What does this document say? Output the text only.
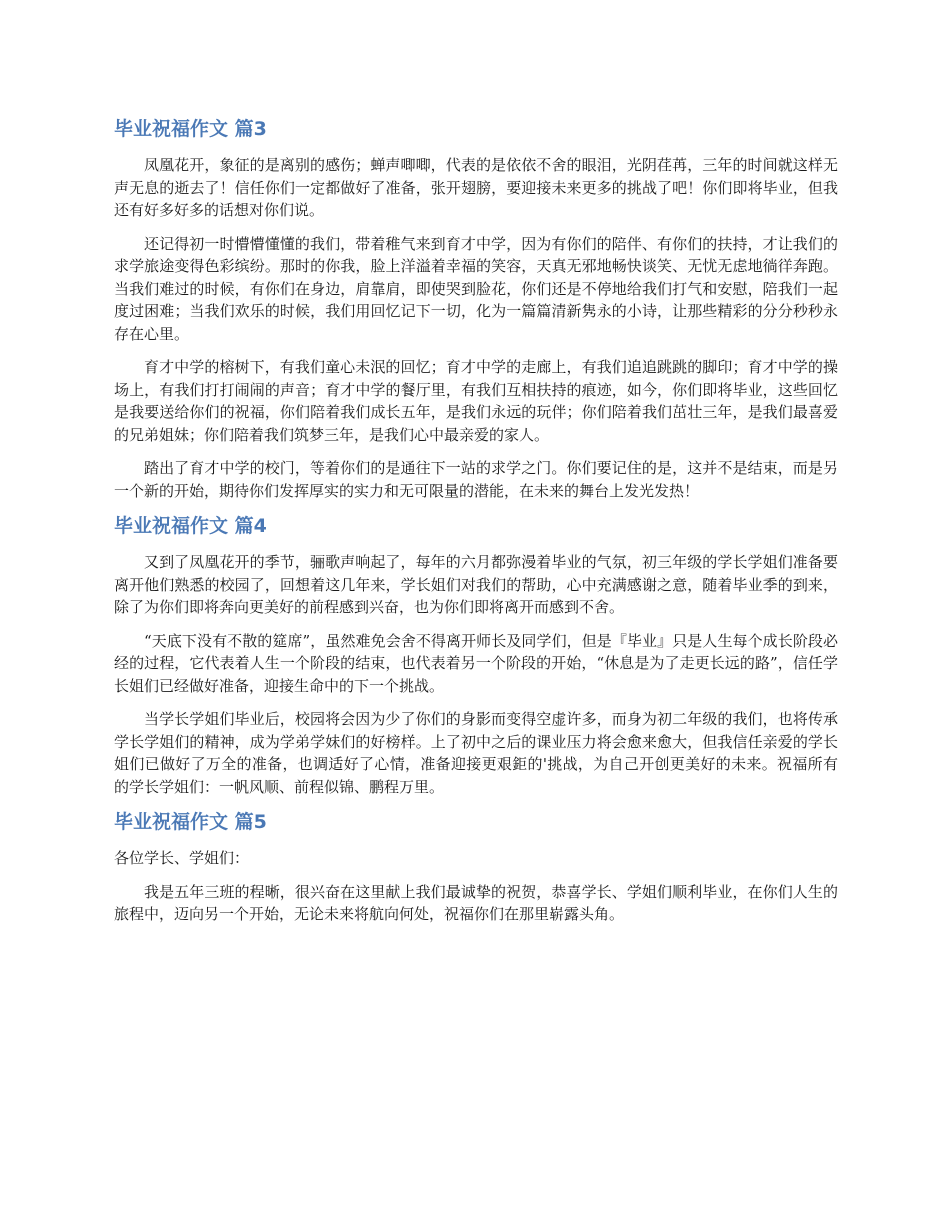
毕业祝福作文 篇3

凤凰花开，象征的是离别的感伤；蝉声唧唧，代表的是依依不舍的眼泪，光阴荏苒，三年的时间就这样无声无息的逝去了！信任你们一定都做好了准备，张开翅膀，要迎接未来更多的挑战了吧！你们即将毕业，但我还有好多好多的话想对你们说。

还记得初一时懵懵懂懂的我们，带着稚气来到育才中学，因为有你们的陪伴、有你们的扶持，才让我们的求学旅途变得色彩缤纷。那时的你我，脸上洋溢着幸福的笑容，天真无邪地畅快谈笑、无忧无虑地徜徉奔跑。当我们难过的时候，有你们在身边，肩靠肩，即使哭到脸花，你们还是不停地给我们打气和安慰，陪我们一起度过困难；当我们欢乐的时候，我们用回忆记下一切，化为一篇篇清新隽永的小诗，让那些精彩的分分秒秒永存在心里。

育才中学的榕树下，有我们童心未泯的回忆；育才中学的走廊上，有我们追追跳跳的脚印；育才中学的操场上，有我们打打闹闹的声音；育才中学的餐厅里，有我们互相扶持的痕迹，如今，你们即将毕业，这些回忆是我要送给你们的祝福，你们陪着我们成长五年，是我们永远的玩伴；你们陪着我们茁壮三年，是我们最喜爱的兄弟姐妹；你们陪着我们筑梦三年，是我们心中最亲爱的家人。

踏出了育才中学的校门，等着你们的是通往下一站的求学之门。你们要记住的是，这并不是结束，而是另一个新的开始，期待你们发挥厚实的实力和无可限量的潜能，在未来的舞台上发光发热！

毕业祝福作文 篇4

又到了凤凰花开的季节，骊歌声响起了，每年的六月都弥漫着毕业的气氛，初三年级的学长学姐们准备要离开他们熟悉的校园了，回想着这几年来，学长姐们对我们的帮助，心中充满感谢之意，随着毕业季的到来，除了为你们即将奔向更美好的前程感到兴奋，也为你们即将离开而感到不舍。

“天底下没有不散的筵席”，虽然难免会舍不得离开师长及同学们，但是『毕业』只是人生每个成长阶段必经的过程，它代表着人生一个阶段的结束，也代表着另一个阶段的开始，“休息是为了走更长远的路”，信任学长姐们已经做好准备，迎接生命中的下一个挑战。

当学长学姐们毕业后，校园将会因为少了你们的身影而变得空虚许多，而身为初二年级的我们，也将传承学长学姐们的精神，成为学弟学妹们的好榜样。上了初中之后的课业压力将会愈来愈大，但我信任亲爱的学长姐们已做好了万全的准备，也调适好了心情，准备迎接更艰鉅的'挑战，为自己开创更美好的未来。祝福所有的学长学姐们：一帆风顺、前程似锦、鹏程万里。

毕业祝福作文 篇5

各位学长、学姐们：

我是五年三班的程晰，很兴奋在这里献上我们最诚挚的祝贺，恭喜学长、学姐们顺利毕业，在你们人生的旅程中，迈向另一个开始，无论未来将航向何处，祝福你们在那里崭露头角。
